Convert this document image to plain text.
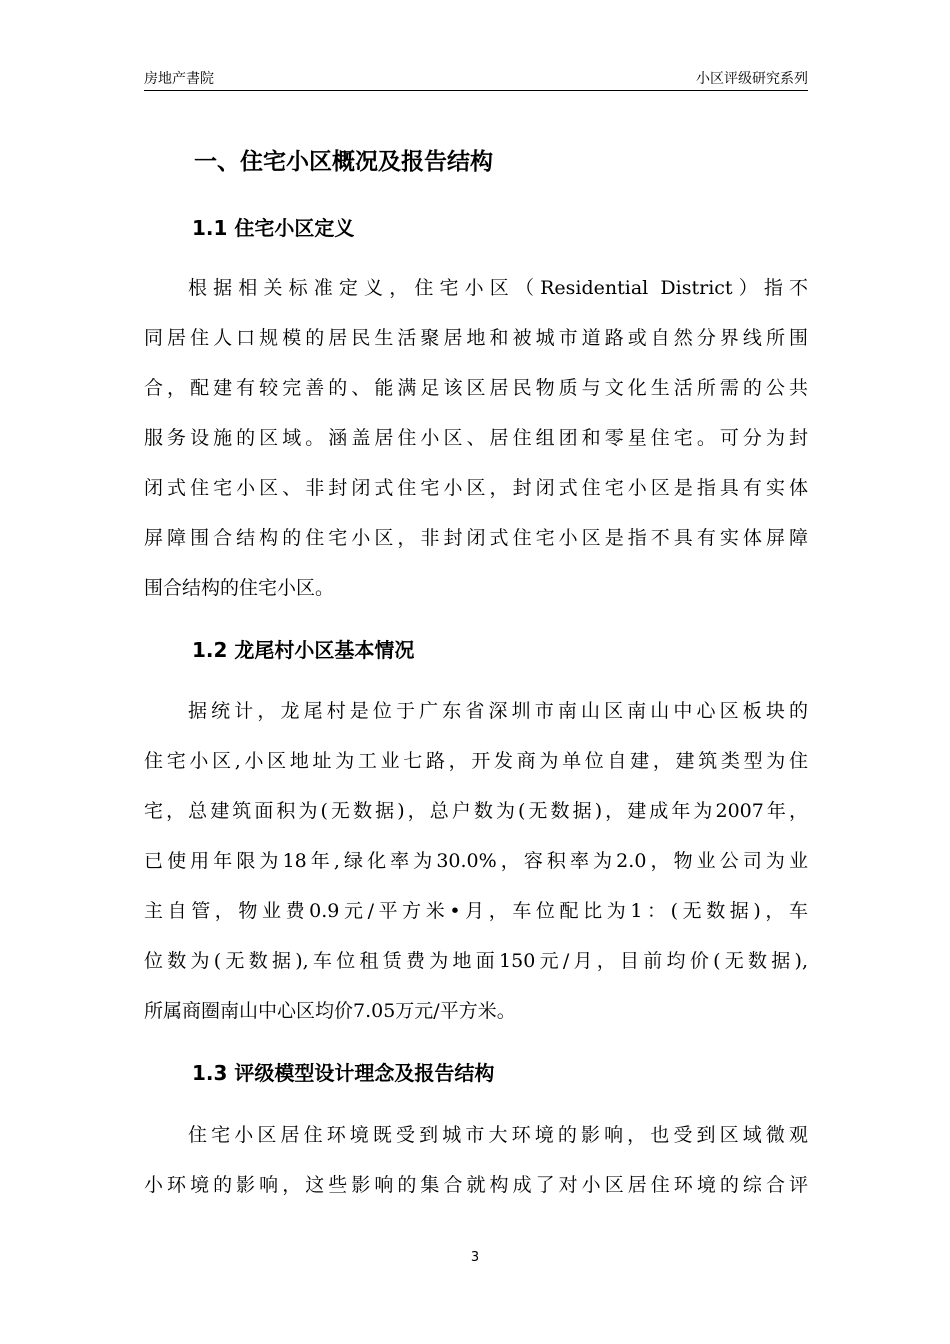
房地产書院	小区评级研究系列
一、住宅小区概况及报告结构
1.1 住宅小区定义
根据相关标准定义，住宅小区（Residential District）指不
同居住人口规模的居民生活聚居地和被城市道路或自然分界线所围
合，配建有较完善的、能满足该区居民物质与文化生活所需的公共
服务设施的区域。涵盖居住小区、居住组团和零星住宅。可分为封
闭式住宅小区、非封闭式住宅小区，封闭式住宅小区是指具有实体
屏障围合结构的住宅小区，非封闭式住宅小区是指不具有实体屏障
围合结构的住宅小区。
1.2 龙尾村小区基本情况
据统计，龙尾村是位于广东省深圳市南山区南山中心区板块的
住宅小区,小区地址为工业七路，开发商为单位自建，建筑类型为住
宅，总建筑面积为(无数据)，总户数为(无数据)，建成年为2007年，
已使用年限为18年,绿化率为30.0%，容积率为2.0，物业公司为业
主自管，物业费0.9元/平方米•月，车位配比为1：(无数据)，车
位数为(无数据),车位租赁费为地面150元/月，目前均价(无数据),
所属商圈南山中心区均价7.05万元/平方米。
1.3 评级模型设计理念及报告结构
住宅小区居住环境既受到城市大环境的影响，也受到区域微观
小环境的影响，这些影响的集合就构成了对小区居住环境的综合评
3
